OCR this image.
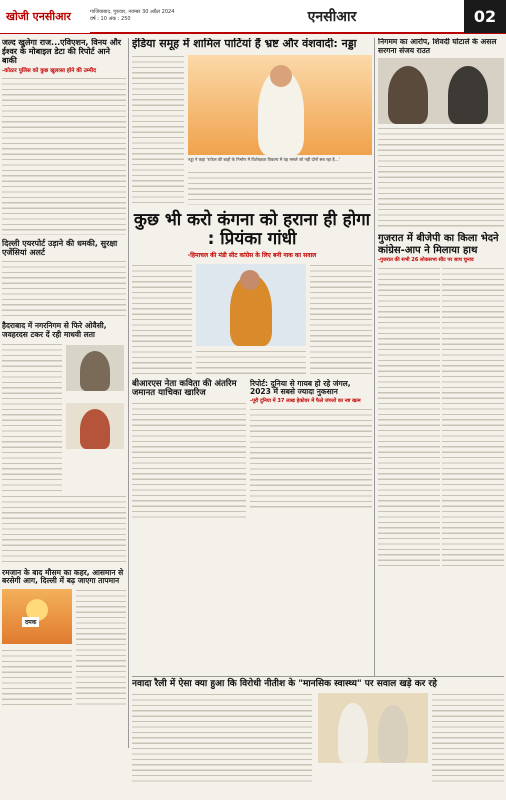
खोजी एनसीआर	गाजियाबाद, गुरुवार, नवम्बर 30 अप्रैल 2024
वर्ष : 10 अंक : 250	एनसीआर	02
जल्द खुलेगा राज...एविएशन, विनय और ईश्वर के मोबाइल डेटा की रिपोर्ट आने बाकी
-कोठार पुलिस को कुछ खुलासा होने की उम्मीद
दिल्ली एयरपोर्ट उड़ाने की धमकी, सुरक्षा एजेंसियां अलर्ट
हैदराबाद में नगरनिगम से फिरे ओवैसी, जवहरदस टकर दें रही माधवी लता
रमजान के बाद मौसम का कहर, आसमान से बरसेगी आग, दिल्ली में बढ़ जाएगा तापमान
दमक
इंडिया समूह में शामिल पार्टियां हैं भ्रष्ट और वंशवादी: नड्डा
नड्डा ने कहा 'राफेल की बाहों के निर्माण में विशेषज्ञता विकल्प में यह मसले जो नहीं दोनों सब रहा है...'
कुछ भी करो कंगना को हराना ही होगा : प्रियंका गांधी
-हिमाचल की मंडी सीट कांग्रेस के लिए बनी नाक का सवाल
बीआरएस नेता कविता की अंतरिम जमानत याचिका खारिज
रिपोर्ट: दुनिया से गायब हो रहे जंगल, 2023 में सबसे ज्यादा नुकसान
-पूरी दुनिया में 37 लाख हेक्टेयर में फैले जंगलों का नष्ट खत्म
निगमम का आरोप, शिवदी घोटाले के असल सरगना संजय राउत
गुजरात में बीजेपी का किला भेदने कांग्रेस-आप ने मिलाया हाथ
-गुजरात की सभी 26 लोकसभा सीट पर साथ चुनाव
नवादा रैली में ऐसा क्या हुआ कि विरोधी नीतीश के "मानसिक स्वास्थ्य" पर सवाल खड़े कर रहे
